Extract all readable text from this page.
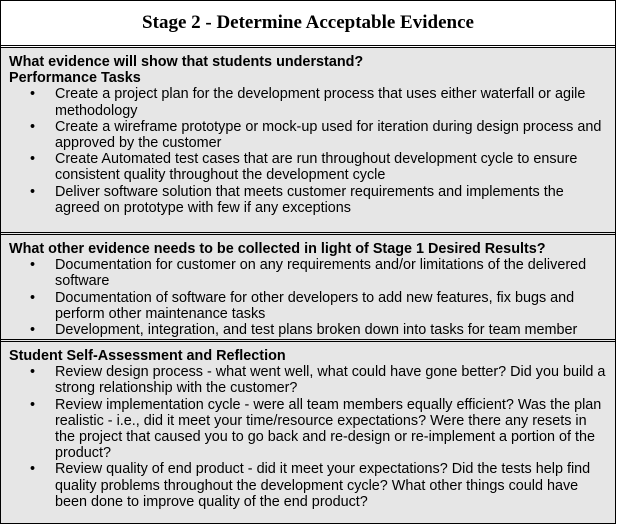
Stage 2 - Determine Acceptable Evidence
What evidence will show that students understand?
Performance Tasks
• Create a project plan for the development process that uses either waterfall or agile methodology
• Create a wireframe prototype or mock-up used for iteration during design process and approved by the customer
• Create Automated test cases that are run throughout development cycle to ensure consistent quality throughout the development cycle
• Deliver software solution that meets customer requirements and implements the agreed on prototype with few if any exceptions
What other evidence needs to be collected in light of Stage 1 Desired Results?
• Documentation for customer on any requirements and/or limitations of the delivered software
• Documentation of software for other developers to add new features, fix bugs and perform other maintenance tasks
• Development, integration, and test plans broken down into tasks for team member
Student Self-Assessment and Reflection
• Review design process - what went well, what could have gone better? Did you build a strong relationship with the customer?
• Review implementation cycle - were all team members equally efficient? Was the plan realistic - i.e., did it meet your time/resource expectations? Were there any resets in the project that caused you to go back and re-design or re-implement a portion of the product?
• Review quality of end product - did it meet your expectations? Did the tests help find quality problems throughout the development cycle? What other things could have been done to improve quality of the end product?
